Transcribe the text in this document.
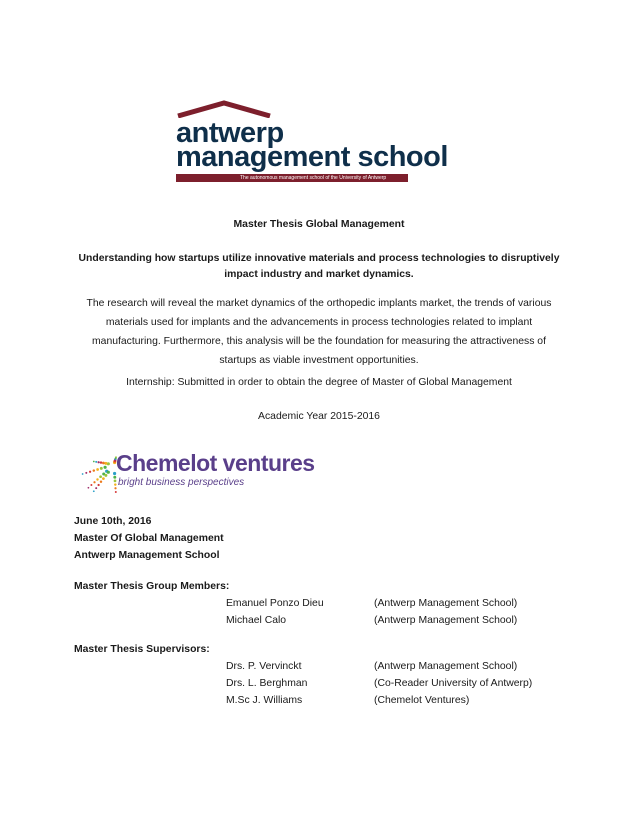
antwerp
management school
The autonomous management school of the University of Antwerp
Master Thesis Global Management
Understanding how startups utilize innovative materials and process technologies to disruptively
impact industry and market dynamics.
The research will reveal the market dynamics of the orthopedic implants market, the trends of various
materials used for implants and the advancements in process technologies related to implant
manufacturing. Furthermore, this analysis will be the foundation for measuring the attractiveness of
startups as viable investment opportunities.
Internship: Submitted in order to obtain the degree of Master of Global Management
Academic Year 2015-2016
Chemelot ventures
bright business perspectives
June 10th, 2016
Master Of Global Management
Antwerp Management School
Master Thesis Group Members:
Emanuel Ponzo Dieu	(Antwerp Management School)
Michael Calo	(Antwerp Management School)
Master Thesis Supervisors:
Drs. P. Vervinckt	(Antwerp Management School)
Drs. L. Berghman	(Co-Reader University of Antwerp)
M.Sc J. Williams	(Chemelot Ventures)
